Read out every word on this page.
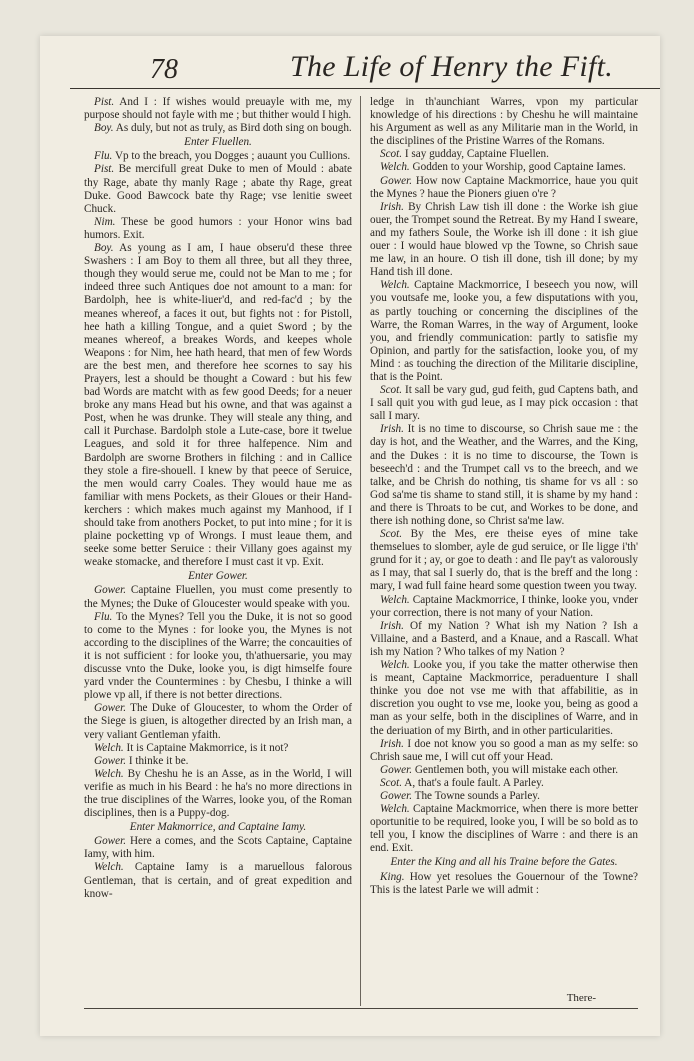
78	The Life of Henry the Fift.

Pist. And I : If wishes would preuayle with me, my purpose should not fayle with me ; but thither would I high.

Boy. As duly, but not as truly, as Bird doth sing on bough.

Enter Fluellen.

Flu. Vp to the breach, you Dogges ; auaunt you Cullions.

Pist. Be mercifull great Duke to men of Mould : abate thy Rage, abate thy manly Rage ; abate thy Rage, great Duke. Good Bawcock bate thy Rage; vse lenitie sweet Chuck.

Nim. These be good humors : your Honor wins bad humors. Exit.

Boy. As young as I am, I haue obseru'd these three Swashers : I am Boy to them all three, but all they three, though they would serue me, could not be Man to me ; for indeed three such Antiques doe not amount to a man: for Bardolph, hee is white-liuer'd, and red-fac'd ; by the meanes whereof, a faces it out, but fights not : for Pistoll, hee hath a killing Tongue, and a quiet Sword ; by the meanes whereof, a breakes Words, and keepes whole Weapons : for Nim, hee hath heard, that men of few Words are the best men, and therefore hee scornes to say his Prayers, lest a should be thought a Coward : but his few bad Words are matcht with as few good Deeds; for a neuer broke any mans Head but his owne, and that was against a Post, when he was drunke. They will steale any thing, and call it Purchase. Bardolph stole a Lute-case, bore it twelue Leagues, and sold it for three halfepence. Nim and Bardolph are sworne Brothers in filching : and in Callice they stole a fire-shouell. I knew by that peece of Seruice, the men would carry Coales. They would haue me as familiar with mens Pockets, as their Gloues or their Hand-kerchers : which makes much against my Manhood, if I should take from anothers Pocket, to put into mine ; for it is plaine pocketting vp of Wrongs. I must leaue them, and seeke some better Seruice : their Villany goes against my weake stomacke, and therefore I must cast it vp. Exit.

Enter Gower.

Gower. Captaine Fluellen, you must come presently to the Mynes; the Duke of Gloucester would speake with you.

Flu. To the Mynes? Tell you the Duke, it is not so good to come to the Mynes : for looke you, the Mynes is not according to the disciplines of the Warre; the concauities of it is not sufficient : for looke you, th'athuersarie, you may discusse vnto the Duke, looke you, is digt himselfe foure yard vnder the Countermines : by Chesbu, I thinke a will plowe vp all, if there is not better directions.

Gower. The Duke of Gloucester, to whom the Order of the Siege is giuen, is altogether directed by an Irish man, a very valiant Gentleman yfaith.

Welch. It is Captaine Makmorrice, is it not?

Gower. I thinke it be.

Welch. By Cheshu he is an Asse, as in the World, I will verifie as much in his Beard : he ha's no more directions in the true disciplines of the Warres, looke you, of the Roman disciplines, then is a Puppy-dog.

Enter Makmorrice, and Captaine Iamy.

Gower. Here a comes, and the Scots Captaine, Captaine Iamy, with him.

Welch. Captaine Iamy is a maruellous falorous Gentleman, that is certain, and of great expedition and know-

ledge in th'aunchiant Warres, vpon my particular knowledge of his directions : by Cheshu he will maintaine his Argument as well as any Militarie man in the World, in the disciplines of the Pristine Warres of the Romans.

Scot. I say gudday, Captaine Fluellen.

Welch. Godden to your Worship, good Captaine Iames.

Gower. How now Captaine Mackmorrice, haue you quit the Mynes ? haue the Pioners giuen o're ?

Irish. By Chrish Law tish ill done : the Worke ish giue ouer, the Trompet sound the Retreat. By my Hand I sweare, and my fathers Soule, the Worke ish ill done : it ish giue ouer : I would haue blowed vp the Towne, so Chrish saue me law, in an houre. O tish ill done, tish ill done; by my Hand tish ill done.

Welch. Captaine Mackmorrice, I beseech you now, will you voutsafe me, looke you, a few disputations with you, as partly touching or concerning the disciplines of the Warre, the Roman Warres, in the way of Argument, looke you, and friendly communication: partly to satisfie my Opinion, and partly for the satisfaction, looke you, of my Mind : as touching the direction of the Militarie discipline, that is the Point.

Scot. It sall be vary gud, gud feith, gud Captens bath, and I sall quit you with gud leue, as I may pick occasion : that sall I mary.

Irish. It is no time to discourse, so Chrish saue me : the day is hot, and the Weather, and the Warres, and the King, and the Dukes : it is no time to discourse, the Town is beseech'd : and the Trumpet call vs to the breech, and we talke, and be Chrish do nothing, tis shame for vs all : so God sa'me tis shame to stand still, it is shame by my hand : and there is Throats to be cut, and Workes to be done, and there ish nothing done, so Christ sa'me law.

Scot. By the Mes, ere theise eyes of mine take themselues to slomber, ayle de gud seruice, or Ile ligge i'th' grund for it ; ay, or goe to death : and Ile pay't as valorously as I may, that sal I suerly do, that is the breff and the long : mary, I wad full faine heard some question tween you tway.

Welch. Captaine Mackmorrice, I thinke, looke you, vnder your correction, there is not many of your Nation.

Irish. Of my Nation ? What ish my Nation ? Ish a Villaine, and a Basterd, and a Knaue, and a Rascall. What ish my Nation ? Who talkes of my Nation ?

Welch. Looke you, if you take the matter otherwise then is meant, Captaine Mackmorrice, peraduenture I shall thinke you doe not vse me with that affabilitie, as in discretion you ought to vse me, looke you, being as good a man as your selfe, both in the disciplines of Warre, and in the deriuation of my Birth, and in other particularities.

Irish. I doe not know you so good a man as my selfe: so Chrish saue me, I will cut off your Head.

Gower. Gentlemen both, you will mistake each other.

Scot. A, that's a foule fault. A Parley.

Gower. The Towne sounds a Parley.

Welch. Captaine Mackmorrice, when there is more better oportunitie to be required, looke you, I will be so bold as to tell you, I know the disciplines of Warre : and there is an end. Exit.

Enter the King and all his Traine before the Gates.

King. How yet resolues the Gouernour of the Towne? This is the latest Parle we will admit :

There-
